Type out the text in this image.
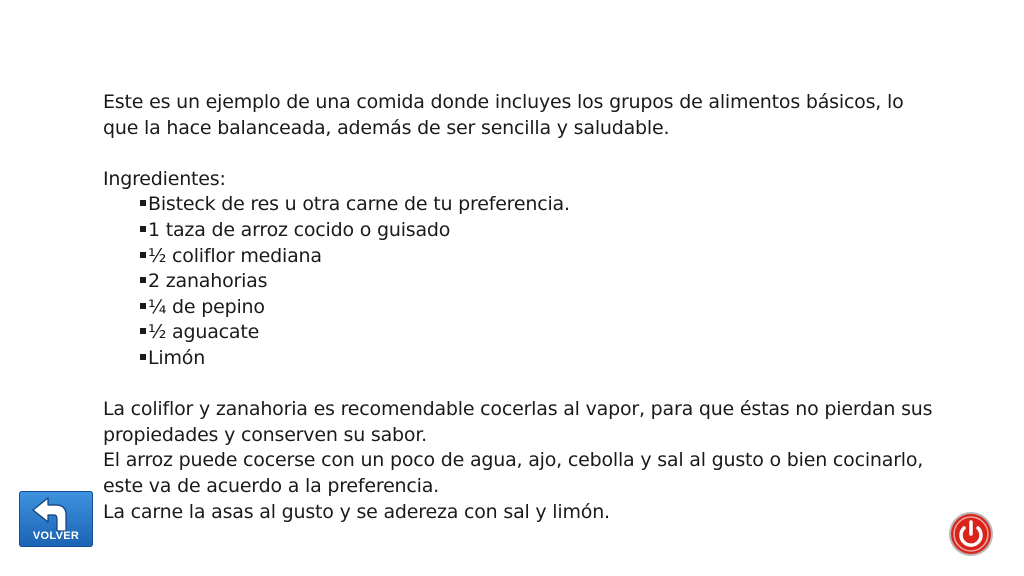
Este es un ejemplo de una comida donde incluyes los grupos de alimentos básicos, lo que la hace balanceada, además de ser sencilla y saludable.

Ingredientes:

Bisteck de res u otra carne de tu preferencia.
1 taza de arroz cocido o guisado
½ coliflor mediana
2 zanahorias
¼ de pepino
½ aguacate
Limón

La coliflor y zanahoria es recomendable cocerlas al vapor, para que éstas no pierdan sus propiedades y conserven su sabor.

El arroz puede cocerse con un poco de agua, ajo, cebolla y sal al gusto o bien cocinarlo, este va de acuerdo a la preferencia.

La carne la asas al gusto y se adereza con sal y limón.

VOLVER
